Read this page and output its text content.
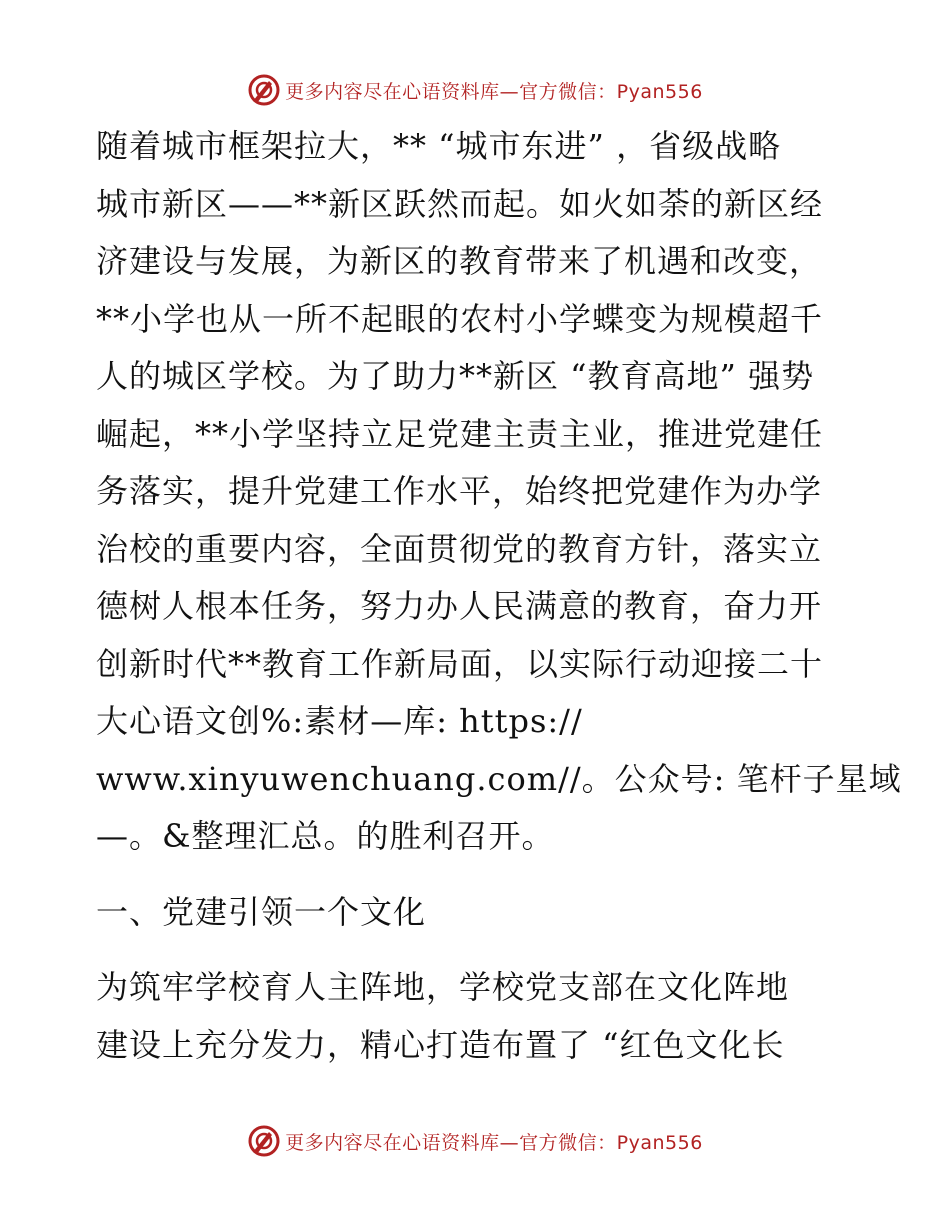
更多内容尽在心语资料库—官方微信：Pyan556
随着城市框架拉大，** “城市东进” ，省级战略
城市新区——**新区跃然而起。如火如荼的新区经
济建设与发展，为新区的教育带来了机遇和改变，
**小学也从一所不起眼的农村小学蝶变为规模超千
人的城区学校。为了助力**新区 “教育高地” 强势
崛起，**小学坚持立足党建主责主业，推进党建任
务落实，提升党建工作水平，始终把党建作为办学
治校的重要内容，全面贯彻党的教育方针，落实立
德树人根本任务，努力办人民满意的教育，奋力开
创新时代**教育工作新局面，以实际行动迎接二十
大心语文创%:素材—库: https://
www.xinyuwenchuang.com//。公众号: 笔杆子星域
—。&整理汇总。的胜利召开。
一、党建引领一个文化
为筑牢学校育人主阵地，学校党支部在文化阵地
建设上充分发力，精心打造布置了 “红色文化长
更多内容尽在心语资料库—官方微信：Pyan556
